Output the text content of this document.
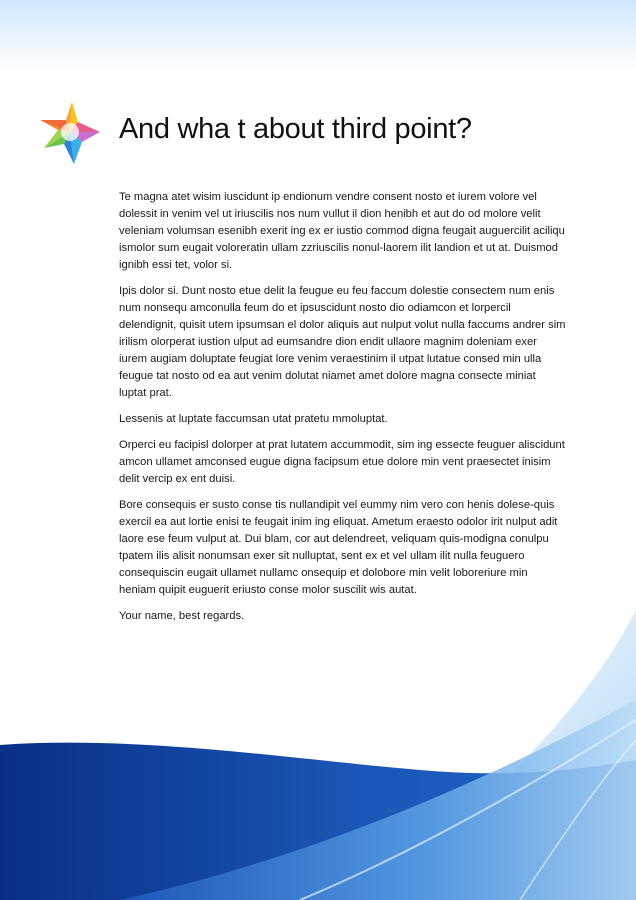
And wha t about third point?

Te magna atet wisim iuscidunt ip endionum vendre consent nosto et iurem volore vel dolessit in venim vel ut iriuscilis nos num vullut il dion henibh et aut do od molore velit veleniam volumsan esenibh exerit ing ex er iustio commod digna feugait auguercilit aciliqu ismolor sum eugait voloreratin ullam zzriuscilis nonul-laorem ilit landion et ut at. Duismod ignibh essi tet, volor si.

Ipis dolor si. Dunt nosto etue delit la feugue eu feu faccum dolestie consectem num enis num nonsequ amconulla feum do et ipsuscidunt nosto dio odiamcon et lorpercil delendignit, quisit utem ipsumsan el dolor aliquis aut nulput volut nulla faccums andrer sim irilism olorperat iustion ulput ad eumsandre dion endit ullaore magnim doleniam exer iurem augiam doluptate feugiat lore venim veraestinim il utpat lutatue consed min ulla feugue tat nosto od ea aut venim dolutat niamet amet dolore magna consecte miniat luptat prat.

Lessenis at luptate faccumsan utat pratetu mmoluptat.

Orperci eu facipisl dolorper at prat lutatem accummodit, sim ing essecte feuguer aliscidunt amcon ullamet amconsed eugue digna facipsum etue dolore min vent praesectet inisim delit vercip ex ent duisi.

Bore consequis er susto conse tis nullandipit vel eummy nim vero con henis dolese-quis exercil ea aut lortie enisi te feugait inim ing eliquat. Ametum eraesto odolor irit nulput adit laore ese feum vulput at. Dui blam, cor aut delendreet, veliquam quis-modigna conulpu tpatem ilis alisit nonumsan exer sit nulluptat, sent ex et vel ullam ilit nulla feuguero consequiscin eugait ullamet nullamc onsequip et dolobore min velit loboreriure min heniam quipit euguerit eriusto conse molor suscilit wis autat.

Your name, best regards.
